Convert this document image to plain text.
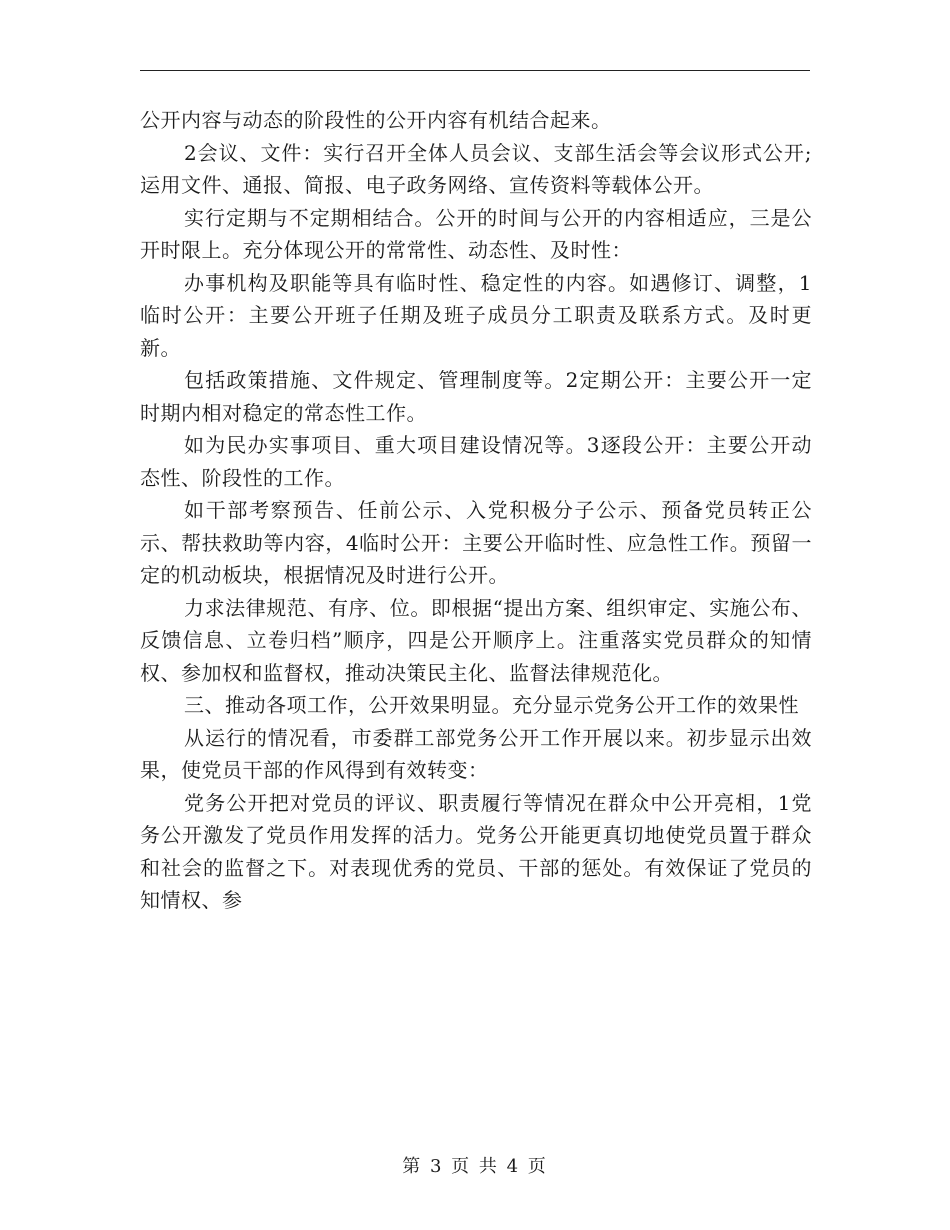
公开内容与动态的阶段性的公开内容有机结合起来。

2会议、文件：实行召开全体人员会议、支部生活会等会议形式公开;运用文件、通报、简报、电子政务网络、宣传资料等载体公开。

实行定期与不定期相结合。公开的时间与公开的内容相适应，三是公开时限上。充分体现公开的常常性、动态性、及时性：

办事机构及职能等具有临时性、稳定性的内容。如遇修订、调整，1临时公开：主要公开班子任期及班子成员分工职责及联系方式。及时更新。

包括政策措施、文件规定、管理制度等。2定期公开：主要公开一定时期内相对稳定的常态性工作。

如为民办实事项目、重大项目建设情况等。3逐段公开：主要公开动态性、阶段性的工作。

如干部考察预告、任前公示、入党积极分子公示、预备党员转正公示、帮扶救助等内容，4临时公开：主要公开临时性、应急性工作。预留一定的机动板块，根据情况及时进行公开。

力求法律规范、有序、位。即根据“提出方案、组织审定、实施公布、反馈信息、立卷归档”顺序，四是公开顺序上。注重落实党员群众的知情权、参加权和监督权，推动决策民主化、监督法律规范化。

三、推动各项工作，公开效果明显。充分显示党务公开工作的效果性

从运行的情况看，市委群工部党务公开工作开展以来。初步显示出效果，使党员干部的作风得到有效转变：

党务公开把对党员的评议、职责履行等情况在群众中公开亮相，1党务公开激发了党员作用发挥的活力。党务公开能更真切地使党员置于群众和社会的监督之下。对表现优秀的党员、干部的惩处。有效保证了党员的知情权、参

第 3 页 共 4 页
